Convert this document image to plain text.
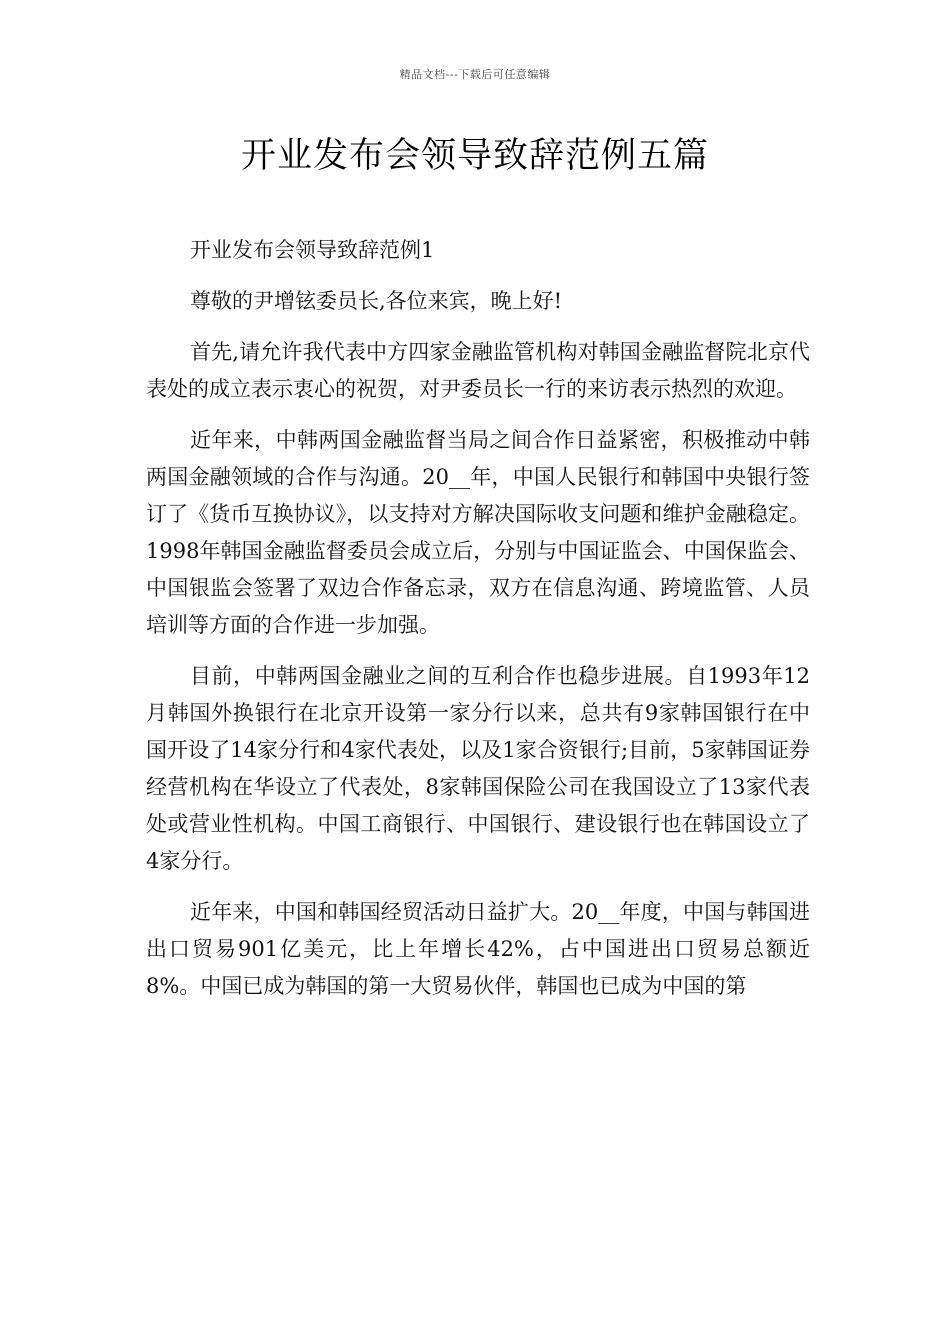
精品文档---下载后可任意编辑
开业发布会领导致辞范例五篇

开业发布会领导致辞范例1

尊敬的尹增铉委员长,各位来宾，晚上好!

首先,请允许我代表中方四家金融监管机构对韩国金融监督院北京代表处的成立表示衷心的祝贺，对尹委员长一行的来访表示热烈的欢迎。

近年来，中韩两国金融监督当局之间合作日益紧密，积极推动中韩两国金融领域的合作与沟通。20__年，中国人民银行和韩国中央银行签订了《货币互换协议》，以支持对方解决国际收支问题和维护金融稳定。1998年韩国金融监督委员会成立后，分别与中国证监会、中国保监会、中国银监会签署了双边合作备忘录，双方在信息沟通、跨境监管、人员培训等方面的合作进一步加强。

目前，中韩两国金融业之间的互利合作也稳步进展。自1993年12月韩国外换银行在北京开设第一家分行以来，总共有9家韩国银行在中国开设了14家分行和4家代表处，以及1家合资银行;目前，5家韩国证券经营机构在华设立了代表处，8家韩国保险公司在我国设立了13家代表处或营业性机构。中国工商银行、中国银行、建设银行也在韩国设立了4家分行。

近年来，中国和韩国经贸活动日益扩大。20__年度，中国与韩国进出口贸易901亿美元，比上年增长42%，占中国进出口贸易总额近8%。中国已成为韩国的第一大贸易伙伴，韩国也已成为中国的第
